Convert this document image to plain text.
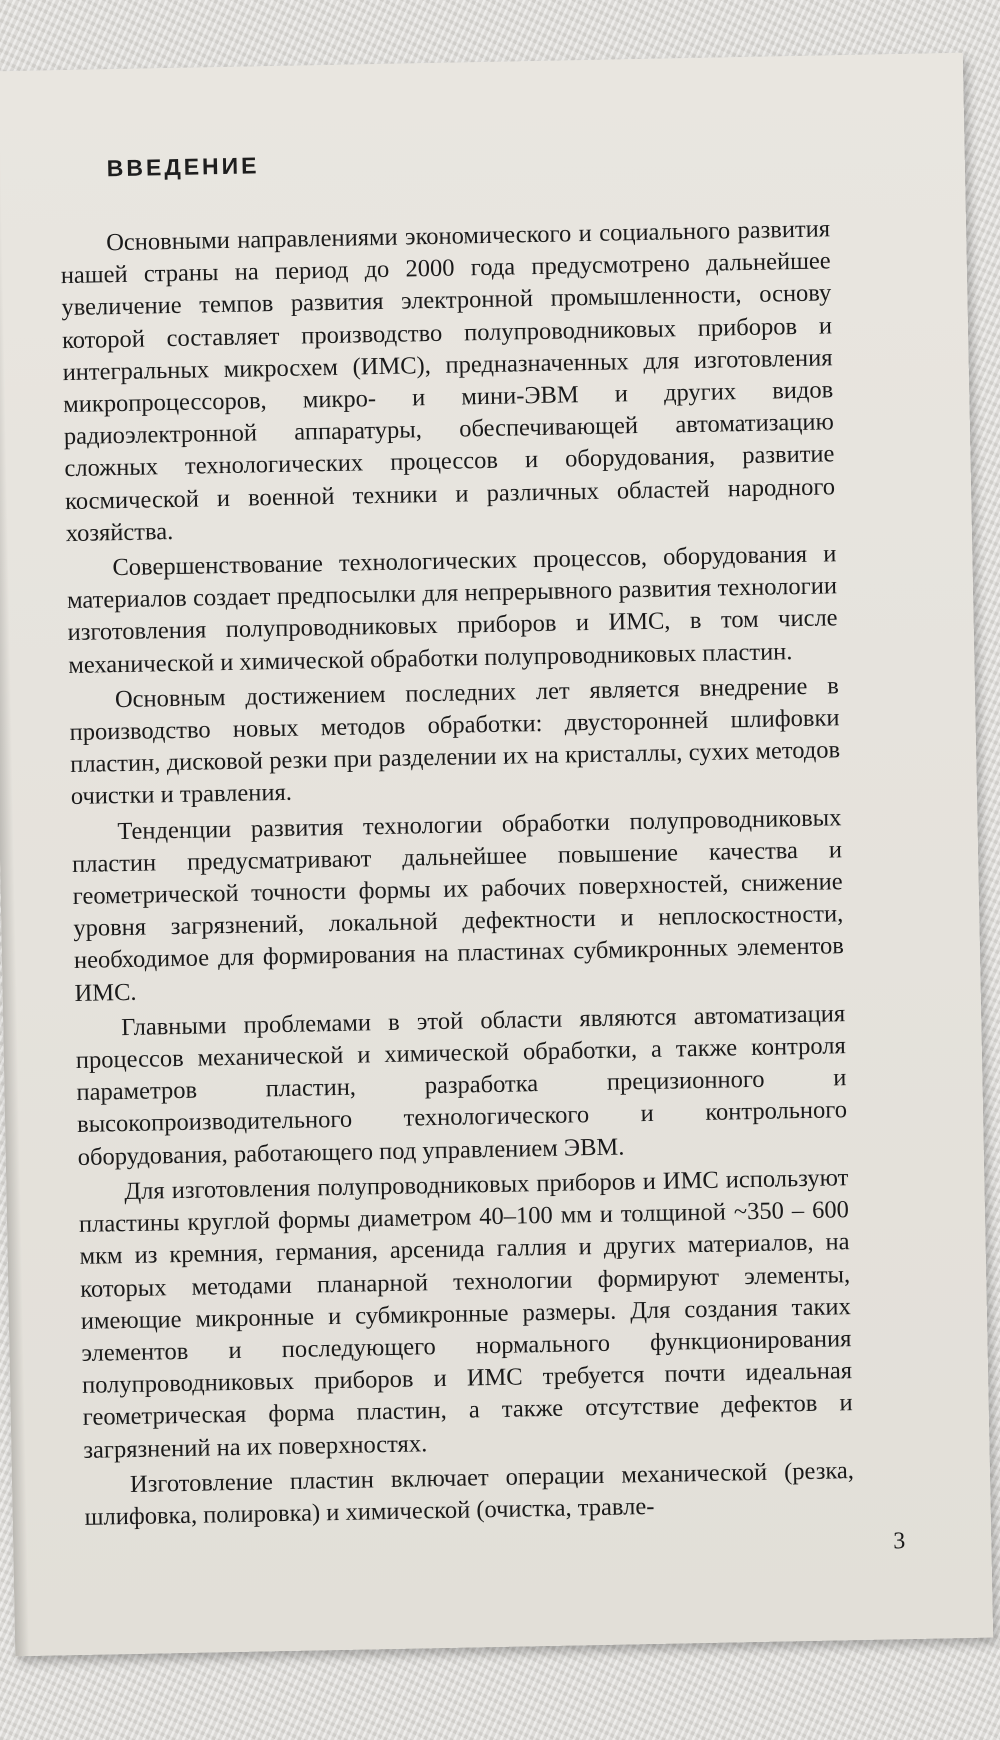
ВВЕДЕНИЕ

Основными направлениями экономического и социального развития нашей страны на период до 2000 года предусмотрено дальнейшее увеличение темпов развития электронной промышленности, основу которой составляет производство полупроводниковых приборов и интегральных микросхем (ИМС), предназначенных для изготовления микропроцессоров, микро- и мини-ЭВМ и других видов радиоэлектронной аппаратуры, обеспечивающей автоматизацию сложных технологических процессов и оборудования, развитие космической и военной техники и различных областей народного хозяйства.

Совершенствование технологических процессов, оборудования и материалов создает предпосылки для непрерывного развития технологии изготовления полупроводниковых приборов и ИМС, в том числе механической и химической обработки полупроводниковых пластин.

Основным достижением последних лет является внедрение в производство новых методов обработки: двусторонней шлифовки пластин, дисковой резки при разделении их на кристаллы, сухих методов очистки и травления.

Тенденции развития технологии обработки полупроводниковых пластин предусматривают дальнейшее повышение качества и геометрической точности формы их рабочих поверхностей, снижение уровня загрязнений, локальной дефектности и неплоскостности, необходимое для формирования на пластинах субмикронных элементов ИМС.

Главными проблемами в этой области являются автоматизация процессов механической и химической обработки, а также контроля параметров пластин, разработка прецизионного и высокопроизводительного технологического и контрольного оборудования, работающего под управлением ЭВМ.

Для изготовления полупроводниковых приборов и ИМС используют пластины круглой формы диаметром 40–100 мм и толщиной ~350 – 600 мкм из кремния, германия, арсенида галлия и других материалов, на которых методами планарной технологии формируют элементы, имеющие микронные и субмикронные размеры. Для создания таких элементов и последующего нормального функционирования полупроводниковых приборов и ИМС требуется почти идеальная геометрическая форма пластин, а также отсутствие дефектов и загрязнений на их поверхностях.

Изготовление пластин включает операции механической (резка, шлифовка, полировка) и химической (очистка, травле-

3
